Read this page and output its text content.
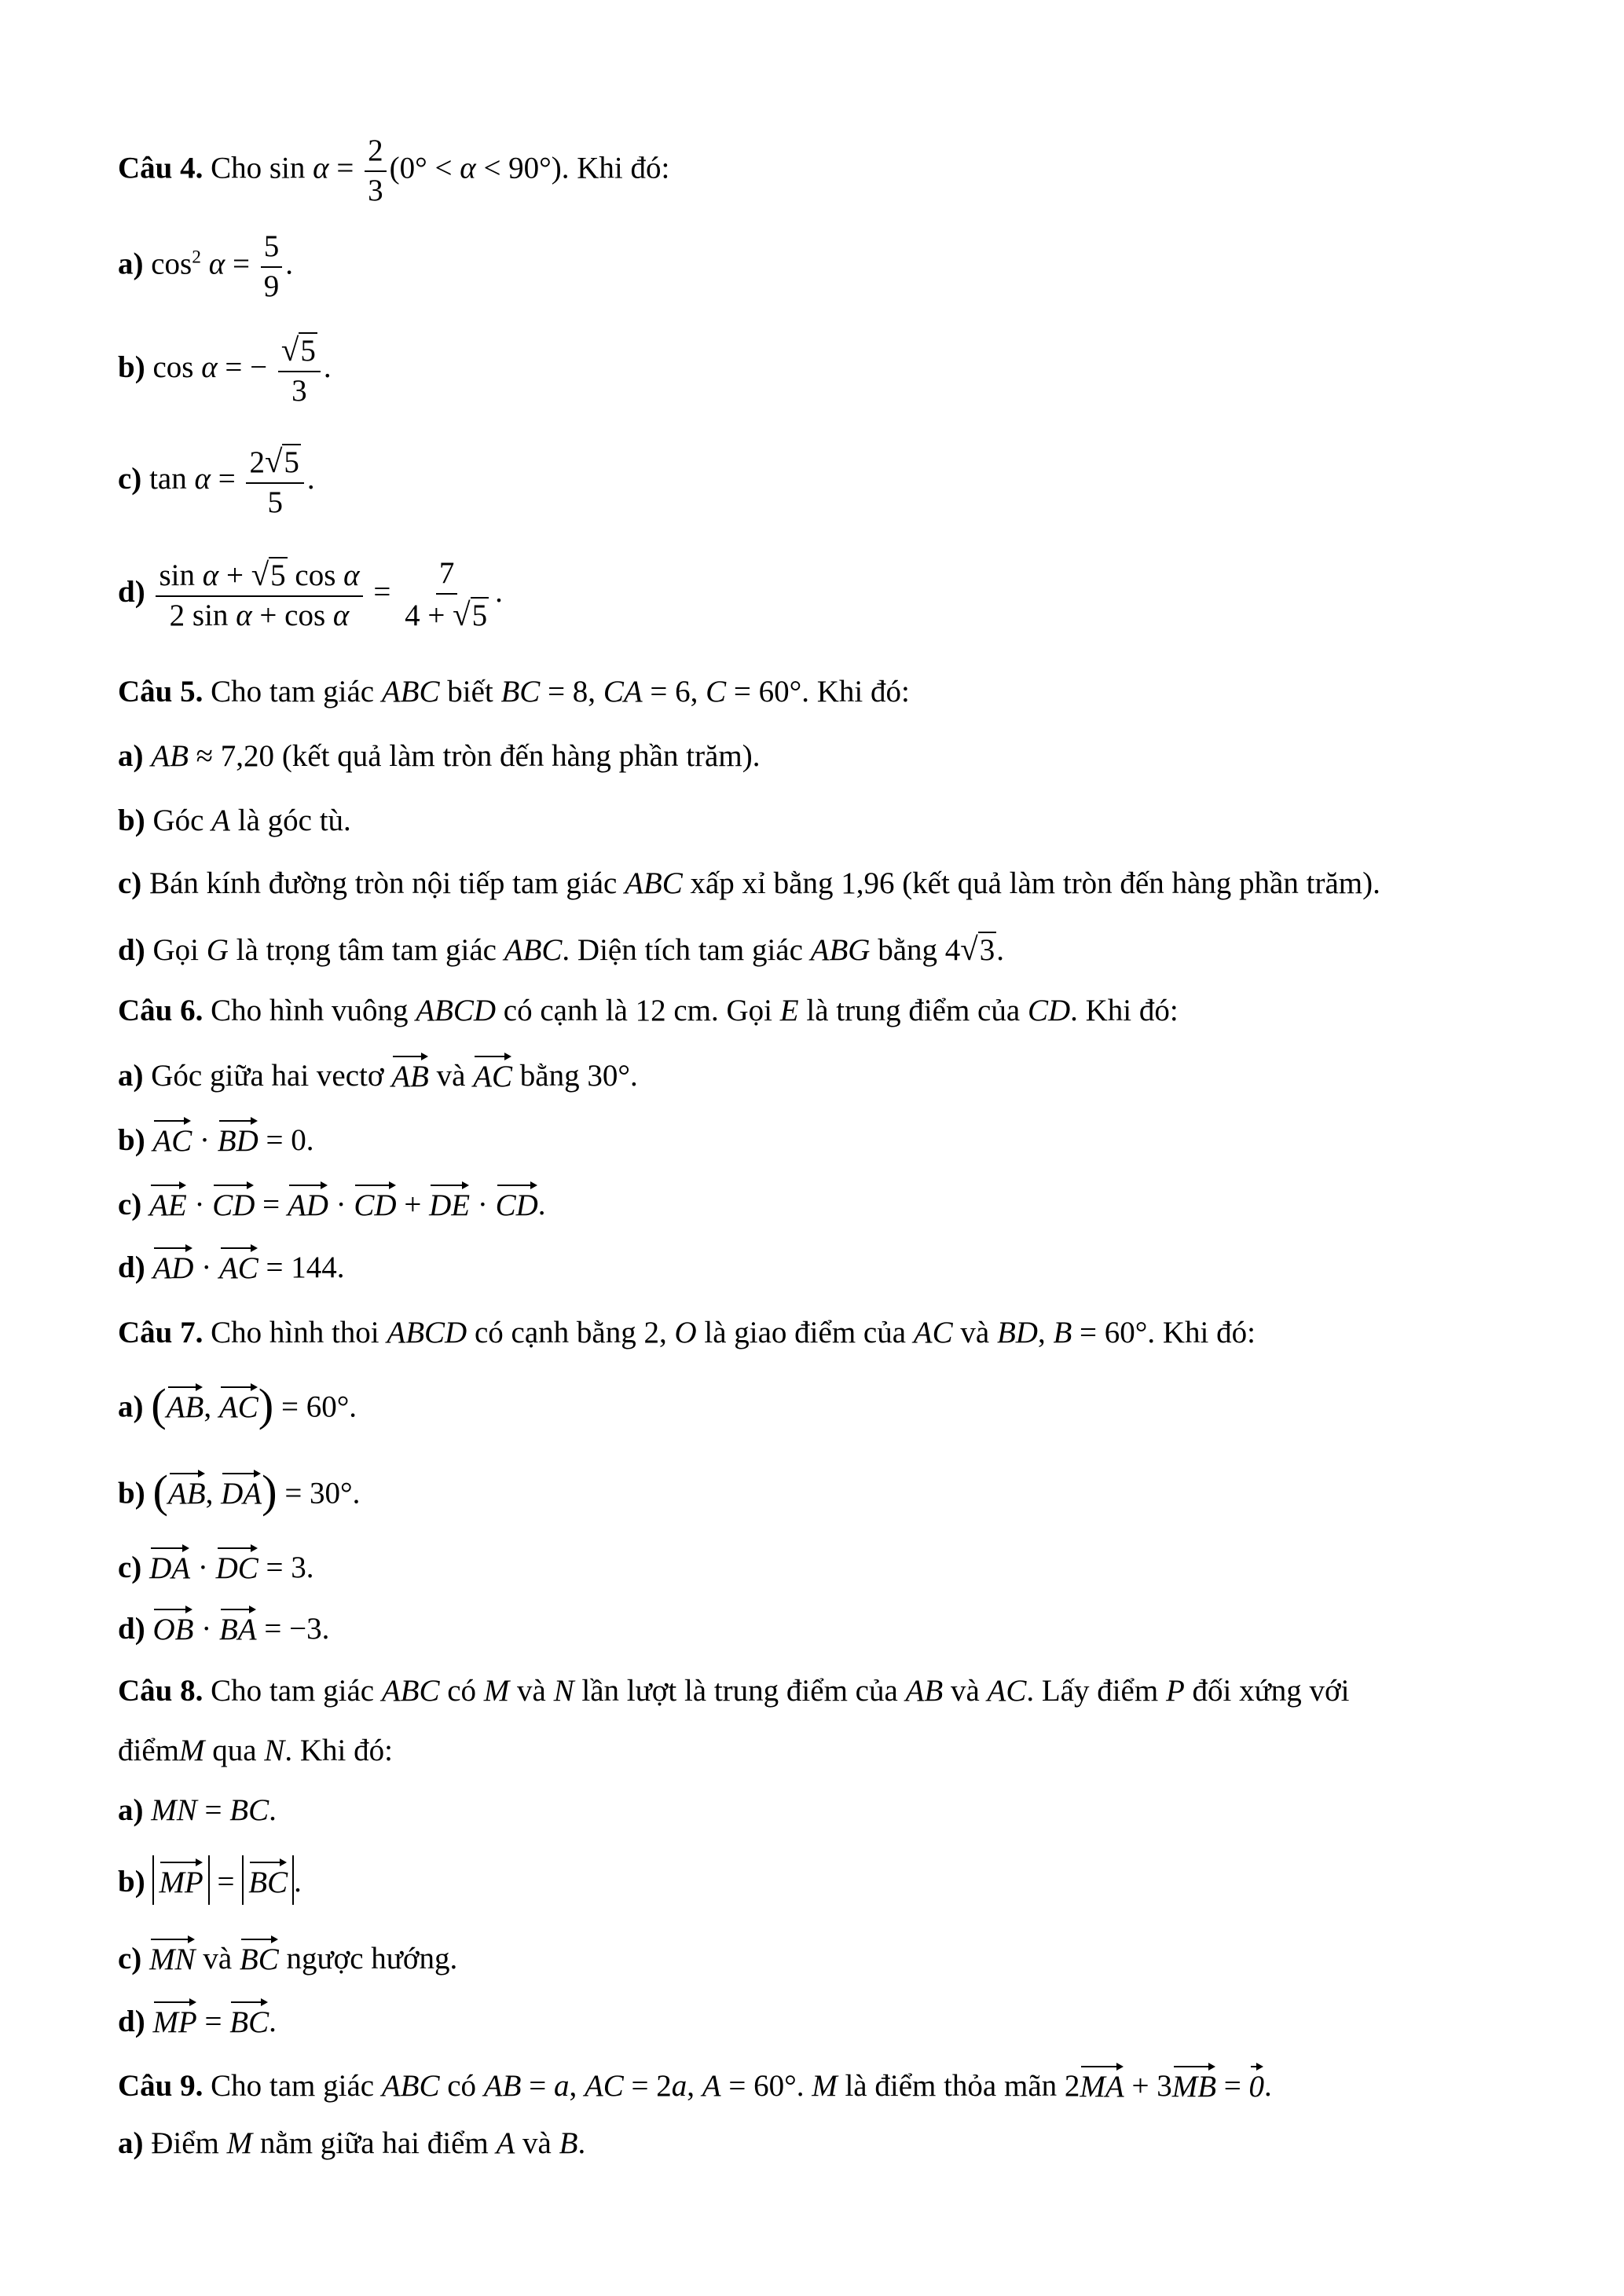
Câu 4. Cho $\sin \alpha = \frac{2}{3} (0^\circ < \alpha < 90^\circ)$. Khi đó:
a) $\cos^2 \alpha = \frac{5}{9}$ .
b) cos α = − $\frac{√5}{3}$ .
c) $\tan \alpha = \frac{2√5}{5}$ .
$d) \frac{\text{sin α + √5 cos α}}{\text{2 sin α + cos α}} = \frac{7}{4 + √5}$ .
Câu 5. Cho tam giác ABC biết BC = 8, CA = 6, C = 60°. Khi đó:
a) AB ≈ 7,20 (kết quả làm tròn đến hàng phần trăm).
b) Góc A là góc tù.
c) Bán kính đường tròn nội tiếp tam giác ABC xấp xỉ bằng 1,96 (kết quả làm tròn đến hàng phần trăm).
d) Gọi G là trọng tâm tam giác ABC. Diện tích tam giác ABG bằng 4√3.
Câu 6. Cho hình vuông ABCD có cạnh là 12 cm. Gọi E là trung điểm của CD. Khi đó:
a) Góc giữa hai vectơ AB và AC bằng 30°.
b) AC · BD = 0.
c) AE · CD = AD · CD + DE · CD.
d) AD · AC = 144.
Câu 7. Cho hình thoi ABCD có cạnh bằng 2, O là giao điểm của AC và BD, B = 60°. Khi đó:
a) (AB, AC) = 60°.
b) (AB, DA) = 30°.
c) DA · DC = 3.
d) OB · BA = −3.
Câu 8. Cho tam giác ABC có M và N lần lượt là trung điểm của AB và AC. Lấy điểm P đối xứng với
điểmM qua N. Khi đó:
a) MN = BC.
b) MP = BC .
c) MN và BC ngược hướng.
d) MP = BC.
Câu 9. Cho tam giác ABC có AB = a, AC = 2a, A = 60°. M là điểm thỏa mãn 2MA + 3MB = 0.
a) Điểm M nằm giữa hai điểm A và B.
